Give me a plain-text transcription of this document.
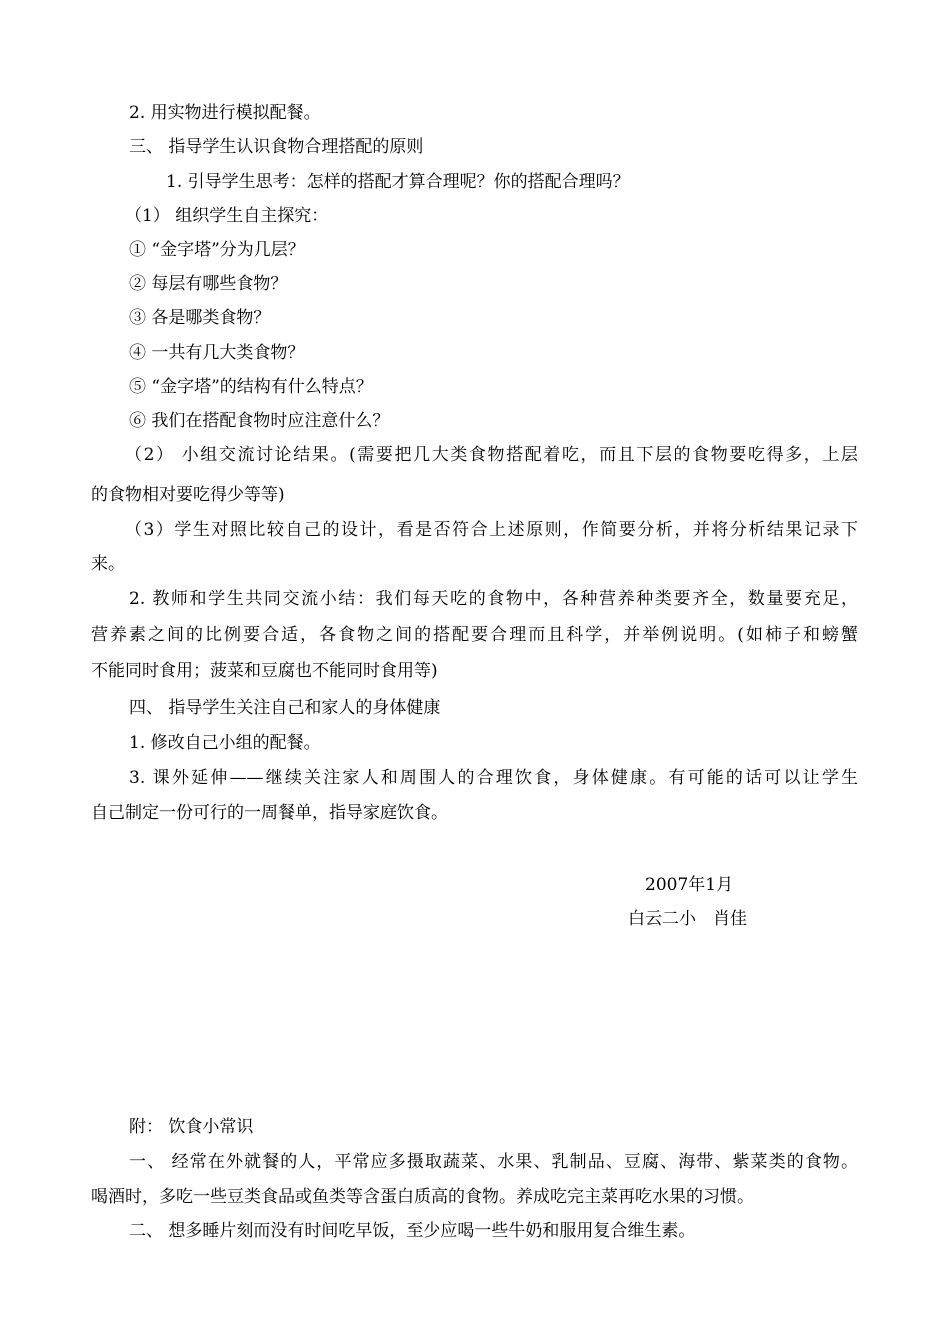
2. 用实物进行模拟配餐。
三、 指导学生认识食物合理搭配的原则
1. 引导学生思考：怎样的搭配才算合理呢？你的搭配合理吗？
（1） 组织学生自主探究：
① “金字塔”分为几层？
② 每层有哪些食物？
③ 各是哪类食物？
④ 一共有几大类食物？
⑤ “金字塔”的结构有什么特点？
⑥ 我们在搭配食物时应注意什么？
（2） 小组交流讨论结果。(需要把几大类食物搭配着吃，而且下层的食物要吃得多，上层
的食物相对要吃得少等等)
（3）学生对照比较自己的设计，看是否符合上述原则，作简要分析，并将分析结果记录下
来。
2. 教师和学生共同交流小结：我们每天吃的食物中，各种营养种类要齐全，数量要充足，
营养素之间的比例要合适，各食物之间的搭配要合理而且科学，并举例说明。(如柿子和螃蟹
不能同时食用；菠菜和豆腐也不能同时食用等)
四、 指导学生关注自己和家人的身体健康
1. 修改自己小组的配餐。
3. 课外延伸——继续关注家人和周围人的合理饮食，身体健康。有可能的话可以让学生
自己制定一份可行的一周餐单，指导家庭饮食。
2007年1月
白云二小　肖佳
附： 饮食小常识
一、 经常在外就餐的人，平常应多摄取蔬菜、水果、乳制品、豆腐、海带、紫菜类的食物。
喝酒时，多吃一些豆类食品或鱼类等含蛋白质高的食物。养成吃完主菜再吃水果的习惯。
二、 想多睡片刻而没有时间吃早饭，至少应喝一些牛奶和服用复合维生素。
